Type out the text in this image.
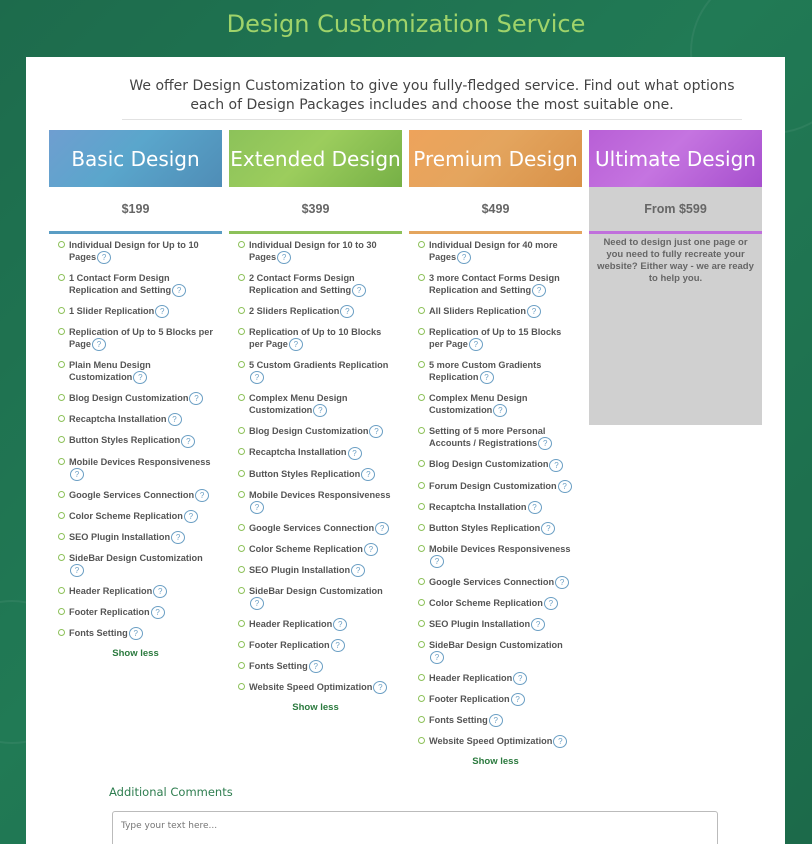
Design Customization Service
We offer Design Customization to give you fully-fledged service. Find out what options each of Design Packages includes and choose the most suitable one.
Basic Design
$199
Individual Design for Up to 10 Pages ?
1 Contact Form Design Replication and Setting ?
1 Slider Replication ?
Replication of Up to 5 Blocks per Page ?
Plain Menu Design Customization ?
Blog Design Customization ?
Recaptcha Installation ?
Button Styles Replication ?
Mobile Devices Responsiveness?
Google Services Connection ?
Color Scheme Replication ?
SEO Plugin Installation ?
SideBar Design Customization?
Header Replication ?
Footer Replication ?
Fonts Setting ?
Show less
Extended Design
$399
Individual Design for 10 to 30 Pages ?
2 Contact Forms Design Replication and Setting ?
2 Sliders Replication ?
Replication of Up to 10 Blocks per Page ?
5 Custom Gradients Replication?
Complex Menu Design Customization ?
Blog Design Customization ?
Recaptcha Installation ?
Button Styles Replication ?
Mobile Devices Responsiveness?
Google Services Connection ?
Color Scheme Replication ?
SEO Plugin Installation ?
SideBar Design Customization?
Header Replication ?
Footer Replication ?
Fonts Setting ?
Website Speed Optimization ?
Show less
Premium Design
$499
Individual Design for 40 more Pages ?
3 more Contact Forms Design Replication and Setting ?
All Sliders Replication ?
Replication of Up to 15 Blocks per Page ?
5 more Custom Gradients Replication ?
Complex Menu Design Customization ?
Setting of 5 more Personal Accounts / Registrations ?
Blog Design Customization ?
Forum Design Customization ?
Recaptcha Installation ?
Button Styles Replication ?
Mobile Devices Responsiveness?
Google Services Connection ?
Color Scheme Replication ?
SEO Plugin Installation ?
SideBar Design Customization?
Header Replication ?
Footer Replication ?
Fonts Setting ?
Website Speed Optimization ?
Show less
Ultimate Design
From $599
Need to design just one page or you need to fully recreate your website? Either way - we are ready to help you.
Additional Comments
Type your text here...
